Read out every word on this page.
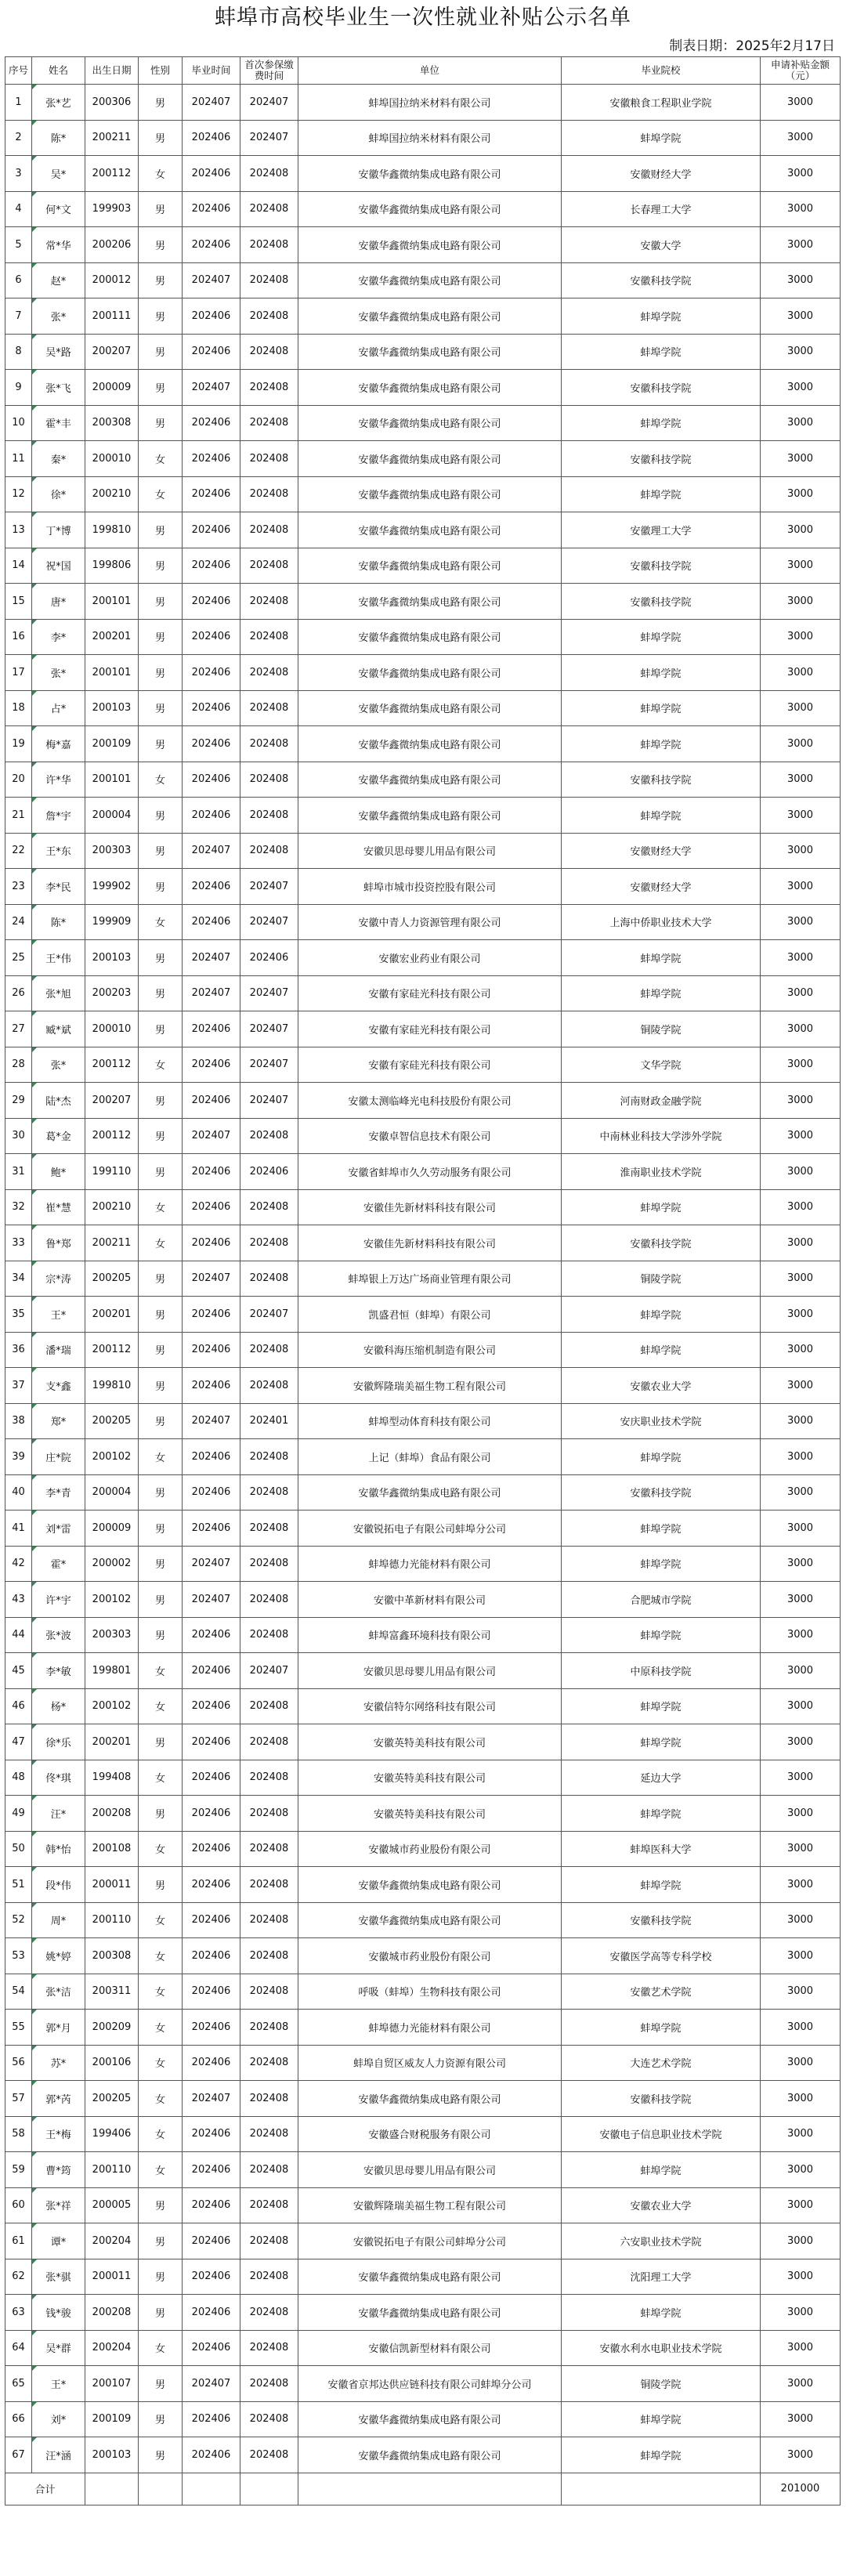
蚌埠市高校毕业生一次性就业补贴公示名单
制表日期：2025年2月17日
序号	姓名	出生日期	性别	毕业时间	首次参保缴费时间	单位	毕业院校	申请补贴金额（元）
1	张*艺	200306	男	202407	202407	蚌埠国拉纳米材料有限公司	安徽粮食工程职业学院	3000
2	陈*	200211	男	202406	202407	蚌埠国拉纳米材料有限公司	蚌埠学院	3000
3	吴*	200112	女	202406	202408	安徽华鑫微纳集成电路有限公司	安徽财经大学	3000
4	何*文	199903	男	202406	202408	安徽华鑫微纳集成电路有限公司	长春理工大学	3000
5	常*华	200206	男	202406	202408	安徽华鑫微纳集成电路有限公司	安徽大学	3000
6	赵*	200012	男	202407	202408	安徽华鑫微纳集成电路有限公司	安徽科技学院	3000
7	张*	200111	男	202406	202408	安徽华鑫微纳集成电路有限公司	蚌埠学院	3000
8	吴*路	200207	男	202406	202408	安徽华鑫微纳集成电路有限公司	蚌埠学院	3000
9	张*飞	200009	男	202407	202408	安徽华鑫微纳集成电路有限公司	安徽科技学院	3000
10	霍*丰	200308	男	202406	202408	安徽华鑫微纳集成电路有限公司	蚌埠学院	3000
11	秦*	200010	女	202406	202408	安徽华鑫微纳集成电路有限公司	安徽科技学院	3000
12	徐*	200210	女	202406	202408	安徽华鑫微纳集成电路有限公司	蚌埠学院	3000
13	丁*博	199810	男	202406	202408	安徽华鑫微纳集成电路有限公司	安徽理工大学	3000
14	祝*国	199806	男	202406	202408	安徽华鑫微纳集成电路有限公司	安徽科技学院	3000
15	唐*	200101	男	202406	202408	安徽华鑫微纳集成电路有限公司	安徽科技学院	3000
16	李*	200201	男	202406	202408	安徽华鑫微纳集成电路有限公司	蚌埠学院	3000
17	张*	200101	男	202406	202408	安徽华鑫微纳集成电路有限公司	蚌埠学院	3000
18	占*	200103	男	202406	202408	安徽华鑫微纳集成电路有限公司	蚌埠学院	3000
19	梅*嘉	200109	男	202406	202408	安徽华鑫微纳集成电路有限公司	蚌埠学院	3000
20	许*华	200101	女	202406	202408	安徽华鑫微纳集成电路有限公司	安徽科技学院	3000
21	詹*宇	200004	男	202406	202408	安徽华鑫微纳集成电路有限公司	蚌埠学院	3000
22	王*东	200303	男	202407	202408	安徽贝思母婴儿用品有限公司	安徽财经大学	3000
23	李*民	199902	男	202406	202407	蚌埠市城市投资控股有限公司	安徽财经大学	3000
24	陈*	199909	女	202406	202407	安徽中青人力资源管理有限公司	上海中侨职业技术大学	3000
25	王*伟	200103	男	202407	202406	安徽宏业药业有限公司	蚌埠学院	3000
26	张*旭	200203	男	202407	202407	安徽有家硅光科技有限公司	蚌埠学院	3000
27	臧*斌	200010	男	202406	202407	安徽有家硅光科技有限公司	铜陵学院	3000
28	张*	200112	女	202406	202407	安徽有家硅光科技有限公司	文华学院	3000
29	陆*杰	200207	男	202406	202407	安徽太测临峰光电科技股份有限公司	河南财政金融学院	3000
30	葛*金	200112	男	202407	202408	安徽卓智信息技术有限公司	中南林业科技大学涉外学院	3000
31	鲍*	199110	男	202406	202406	安徽省蚌埠市久久劳动服务有限公司	淮南职业技术学院	3000
32	崔*慧	200210	女	202406	202408	安徽佳先新材料科技有限公司	蚌埠学院	3000
33	鲁*郑	200211	女	202406	202408	安徽佳先新材料科技有限公司	安徽科技学院	3000
34	宗*涛	200205	男	202407	202408	蚌埠银上万达广场商业管理有限公司	铜陵学院	3000
35	王*	200201	男	202406	202407	凯盛君恒（蚌埠）有限公司	蚌埠学院	3000
36	潘*瑞	200112	男	202406	202408	安徽科海压缩机制造有限公司	蚌埠学院	3000
37	支*鑫	199810	男	202406	202408	安徽辉隆瑞美福生物工程有限公司	安徽农业大学	3000
38	郑*	200205	男	202407	202401	蚌埠型动体育科技有限公司	安庆职业技术学院	3000
39	庄*院	200102	女	202406	202408	上记（蚌埠）食品有限公司	蚌埠学院	3000
40	李*青	200004	男	202406	202408	安徽华鑫微纳集成电路有限公司	安徽科技学院	3000
41	刘*雷	200009	男	202406	202408	安徽锐拓电子有限公司蚌埠分公司	蚌埠学院	3000
42	霍*	200002	男	202407	202408	蚌埠德力光能材料有限公司	蚌埠学院	3000
43	许*宇	200102	男	202407	202408	安徽中革新材料有限公司	合肥城市学院	3000
44	张*波	200303	男	202406	202408	蚌埠富鑫环境科技有限公司	蚌埠学院	3000
45	李*敏	199801	女	202406	202407	安徽贝思母婴儿用品有限公司	中原科技学院	3000
46	杨*	200102	女	202406	202408	安徽信特尔网络科技有限公司	蚌埠学院	3000
47	徐*乐	200201	男	202406	202408	安徽英特美科技有限公司	蚌埠学院	3000
48	佟*琪	199408	女	202406	202408	安徽英特美科技有限公司	延边大学	3000
49	汪*	200208	男	202406	202408	安徽英特美科技有限公司	蚌埠学院	3000
50	韩*怡	200108	女	202406	202408	安徽城市药业股份有限公司	蚌埠医科大学	3000
51	段*伟	200011	男	202406	202408	安徽华鑫微纳集成电路有限公司	蚌埠学院	3000
52	周*	200110	女	202406	202408	安徽华鑫微纳集成电路有限公司	安徽科技学院	3000
53	姚*婷	200308	女	202406	202408	安徽城市药业股份有限公司	安徽医学高等专科学校	3000
54	张*洁	200311	女	202406	202408	呼吸（蚌埠）生物科技有限公司	安徽艺术学院	3000
55	郭*月	200209	女	202406	202408	蚌埠德力光能材料有限公司	蚌埠学院	3000
56	苏*	200106	女	202406	202408	蚌埠自贸区威友人力资源有限公司	大连艺术学院	3000
57	郭*芮	200205	女	202407	202408	安徽华鑫微纳集成电路有限公司	安徽科技学院	3000
58	王*梅	199406	女	202406	202408	安徽盛合财税服务有限公司	安徽电子信息职业技术学院	3000
59	曹*筠	200110	女	202406	202408	安徽贝思母婴儿用品有限公司	蚌埠学院	3000
60	张*祥	200005	男	202406	202408	安徽辉隆瑞美福生物工程有限公司	安徽农业大学	3000
61	谭*	200204	男	202406	202408	安徽锐拓电子有限公司蚌埠分公司	六安职业技术学院	3000
62	张*骐	200011	男	202406	202408	安徽华鑫微纳集成电路有限公司	沈阳理工大学	3000
63	钱*骏	200208	男	202406	202408	安徽华鑫微纳集成电路有限公司	蚌埠学院	3000
64	吴*群	200204	女	202406	202408	安徽信凯新型材料有限公司	安徽水利水电职业技术学院	3000
65	王*	200107	男	202407	202408	安徽省京邦达供应链科技有限公司蚌埠分公司	铜陵学院	3000
66	刘*	200109	男	202406	202408	安徽华鑫微纳集成电路有限公司	蚌埠学院	3000
67	汪*涵	200103	男	202406	202408	安徽华鑫微纳集成电路有限公司	蚌埠学院	3000
合计								201000
